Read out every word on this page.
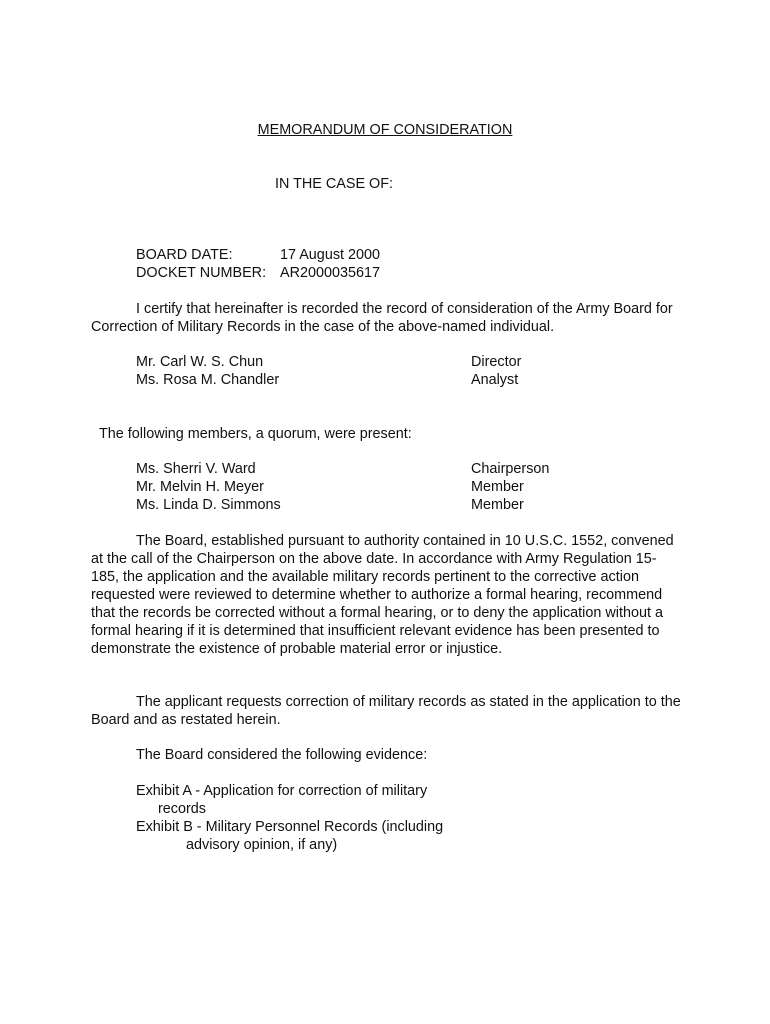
MEMORANDUM OF CONSIDERATION
IN THE CASE OF:
BOARD DATE:	17 August 2000
DOCKET NUMBER: AR2000035617
I certify that hereinafter is recorded the record of consideration of the Army Board for Correction of Military Records in the case of the above-named individual.
Mr. Carl W. S. Chun	Director
Ms. Rosa M. Chandler	Analyst
The following members, a quorum, were present:
Ms. Sherri V. Ward	Chairperson
Mr. Melvin H. Meyer	Member
Ms. Linda D. Simmons	Member
The Board, established pursuant to authority contained in 10 U.S.C. 1552, convened at the call of the Chairperson on the above date. In accordance with Army Regulation 15-185, the application and the available military records pertinent to the corrective action requested were reviewed to determine whether to authorize a formal hearing, recommend that the records be corrected without a formal hearing, or to deny the application without a formal hearing if it is determined that insufficient relevant evidence has been presented to demonstrate the existence of probable material error or injustice.
The applicant requests correction of military records as stated in the application to the Board and as restated herein.
The Board considered the following evidence:
Exhibit A - Application for correction of military
records
Exhibit B - Military Personnel Records (including
advisory opinion, if any)
